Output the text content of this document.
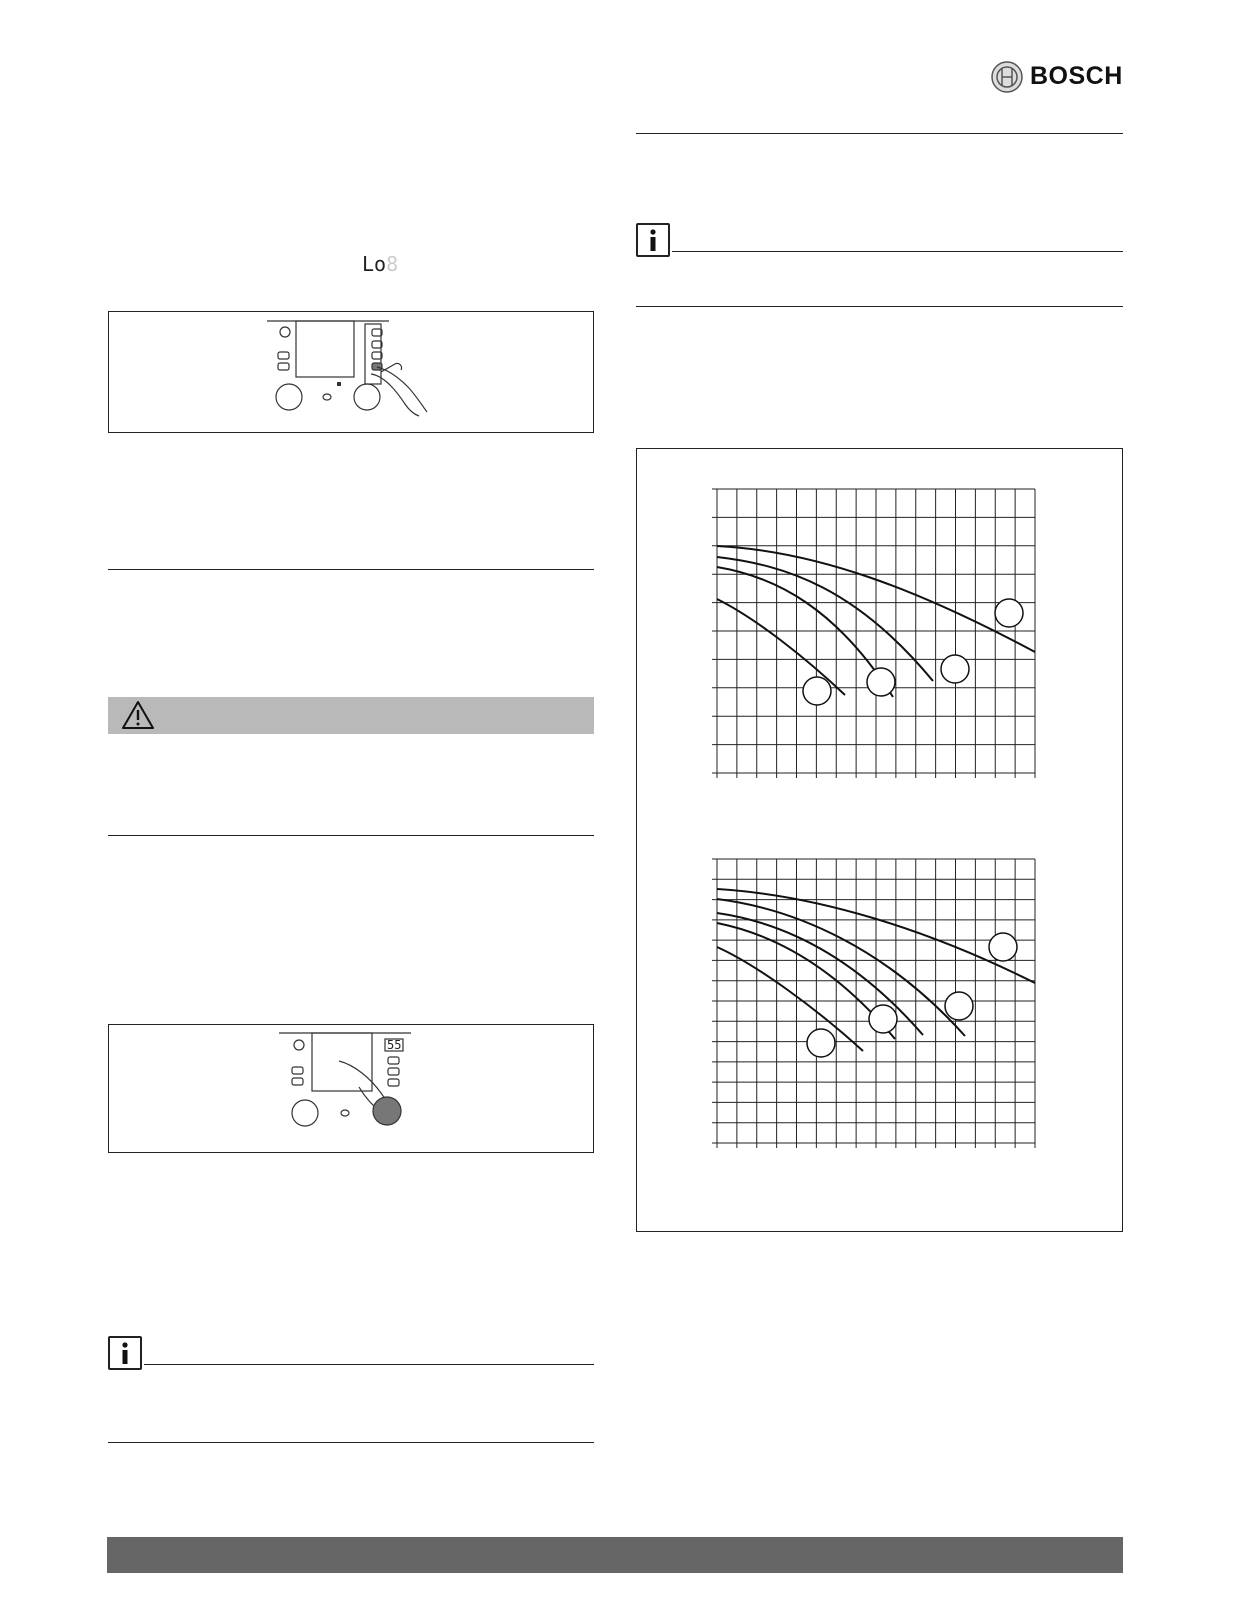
BOSCH
Lo8
55
